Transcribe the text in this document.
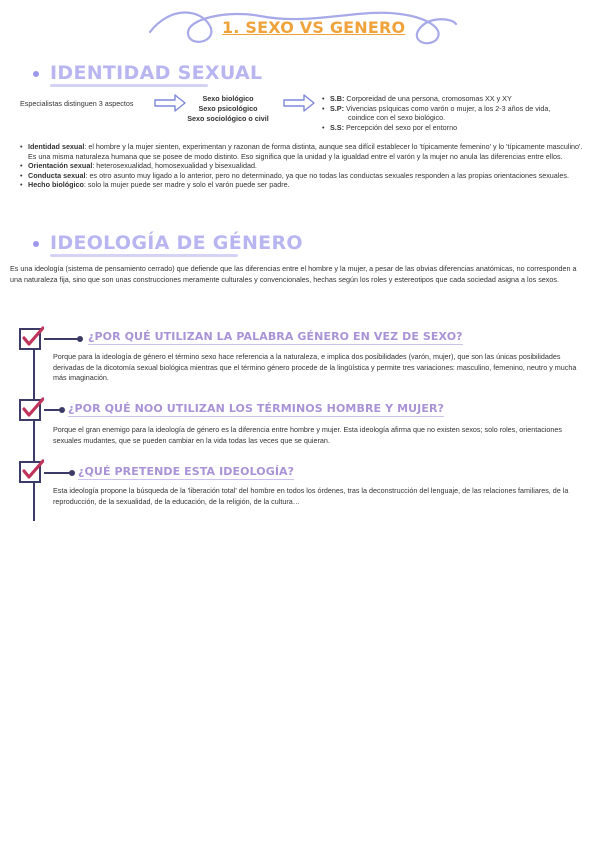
1. SEXO VS GENERO
IDENTIDAD SEXUAL
Especialistas distinguen 3 aspectos
Sexo biológico
Sexo psicológico
Sexo sociológico o civil
• S.B: Corporeidad de una persona, cromosomas XX y XY
• S.P: Vivencias psíquicas como varón o mujer, a los 2-3 años de vida,
coindice con el sexo biológico.
• S.S: Percepción del sexo por el entorno
• Identidad sexual: el hombre y la mujer sienten, experimentan y razonan de forma distinta, aunque sea difícil establecer lo 'típicamente femenino' y lo 'típicamente masculino'. Es una misma naturaleza humana que se posee de modo distinto. Eso significa que la unidad y la igualdad entre el varón y la mujer no anula las diferencias entre ellos.
• Orientación sexual: heterosexualidad, homosexualidad y bisexualidad.
• Conducta sexual: es otro asunto muy ligado a lo anterior, pero no determinado, ya que no todas las conductas sexuales responden a las propias orientaciones sexuales.
• Hecho biológico: solo la mujer puede ser madre y solo el varón puede ser padre.
IDEOLOGÍA DE GÉNERO
Es una ideología (sistema de pensamiento cerrado) que defiende que las diferencias entre el hombre y la mujer, a pesar de las obvias diferencias anatómicas, no corresponden a una naturaleza fija, sino que son unas construcciones meramente culturales y convencionales, hechas según los roles y estereotipos que cada sociedad asigna a los sexos.
¿POR QUÉ UTILIZAN LA PALABRA GÉNERO EN VEZ DE SEXO?
Porque para la ideología de género el término sexo hace referencia a la naturaleza, e implica dos posibilidades (varón, mujer), que son las únicas posibilidades derivadas de la dicotomía sexual biológica mientras que el término género procede de la lingüística y permite tres variaciones: masculino, femenino, neutro y mucha más imaginación.
¿POR QUÉ NOO UTILIZAN LOS TÉRMINOS HOMBRE Y MUJER?
Porque el gran enemigo para la ideología de género es la diferencia entre hombre y mujer. Esta ideología afirma que no existen sexos; solo roles, orientaciones sexuales mudantes, que se pueden cambiar en la vida todas las veces que se quieran.
¿QUÉ PRETENDE ESTA IDEOLOGÍA?
Esta ideología propone la búsqueda de la 'liberación total' del hombre en todos los órdenes, tras la deconstrucción del lenguaje, de las relaciones familiares, de la reproducción, de la sexualidad, de la educación, de la religión, de la cultura…
